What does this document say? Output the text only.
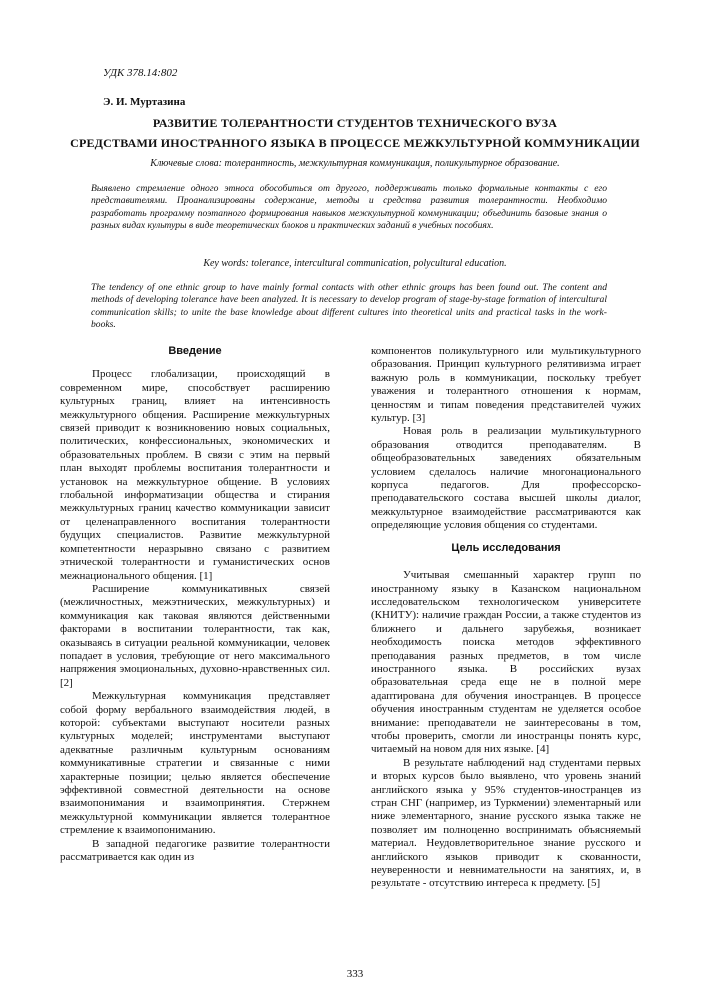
УДК 378.14:802
Э. И. Муртазина
РАЗВИТИЕ ТОЛЕРАНТНОСТИ СТУДЕНТОВ ТЕХНИЧЕСКОГО ВУЗА
СРЕДСТВАМИ ИНОСТРАННОГО ЯЗЫКА В ПРОЦЕССЕ МЕЖКУЛЬТУРНОЙ КОММУНИКАЦИИ
Ключевые слова: толерантность, межкультурная коммуникация, поликультурное образование.
Выявлено стремление одного этноса обособиться от другого, поддерживать только формальные контакты с его представителями. Проанализированы содержание, методы и средства развития толерантности. Необходимо разработать программу поэтапного формирования навыков межкультурной коммуникации; объединить базовые знания о разных видах культуры в виде теоретических блоков и практических заданий в учебных пособиях.
Key words: tolerance, intercultural communication, polycultural education.
The tendency of one ethnic group to have mainly formal contacts with other ethnic groups has been found out. The content and methods of developing tolerance have been analyzed. It is necessary to develop program of stage-by-stage formation of intercultural communication skills; to unite the base knowledge about different cultures into theoretical units and practical tasks in the work-books.

Введение

Процесс глобализации, происходящий в современном мире, способствует расширению культурных границ, влияет на интенсивность межкультурного общения. Расширение межкультурных связей приводит к возникновению новых социальных, политических, конфессиональных, экономических и образовательных проблем. В связи с этим на первый план выходят проблемы воспитания толерантности и установок на межкультурное общение. В условиях глобальной информатизации общества и стирания межкультурных границ качество коммуникации зависит от целенаправленного воспитания толерантности будущих специалистов. Развитие межкультурной компетентности неразрывно связано с развитием этнической толерантности и гуманистических основ межнационального общения. [1]

Расширение коммуникативных связей (межличностных, межэтнических, межкультурных) и коммуникация как таковая являются действенными факторами в воспитании толерантности, так как, оказываясь в ситуации реальной коммуникации, человек попадает в условия, требующие от него максимального напряжения эмоциональных, духовно-нравственных сил. [2]

Межкультурная коммуникация представляет собой форму вербального взаимодействия людей, в которой: субъектами выступают носители разных культурных моделей; инструментами выступают адекватные различным культурным основаниям коммуникативные стратегии и связанные с ними характерные позиции; целью является обеспечение эффективной совместной деятельности на основе взаимопонимания и взаимопринятия. Стержнем межкультурной коммуникации является толерантное стремление к взаимопониманию.

В западной педагогике развитие толерантности рассматривается как один из

компонентов поликультурного или мультикультурного образования. Принцип культурного релятивизма играет важную роль в коммуникации, поскольку требует уважения и толерантного отношения к нормам, ценностям и типам поведения представителей чужих культур. [3]

Новая роль в реализации мультикультурного образования отводится преподавателям. В общеобразовательных заведениях обязательным условием сделалось наличие многонационального корпуса педагогов. Для профессорско-преподавательского состава высшей школы диалог, межкультурное взаимодействие рассматриваются как определяющие условия общения со студентами.

Цель исследования

Учитывая смешанный характер групп по иностранному языку в Казанском национальном исследовательском технологическом университете (КНИТУ): наличие граждан России, а также студентов из ближнего и дальнего зарубежья, возникает необходимость поиска методов эффективного преподавания разных предметов, в том числе иностранного языка. В российских вузах образовательная среда еще не в полной мере адаптирована для обучения иностранцев. В процессе обучения иностранным студентам не уделяется особое внимание: преподаватели не заинтересованы в том, чтобы проверить, смогли ли иностранцы понять курс, читаемый на новом для них языке. [4]

В результате наблюдений над студентами первых и вторых курсов было выявлено, что уровень знаний английского языка у 95% студентов-иностранцев из стран СНГ (например, из Туркмении) элементарный или ниже элементарного, знание русского языка также не позволяет им полноценно воспринимать объясняемый материал. Неудовлетворительное знание русского и английского языков приводит к скованности, неуверенности и невнимательности на занятиях, и, в результате - отсутствию интереса к предмету. [5]

333
